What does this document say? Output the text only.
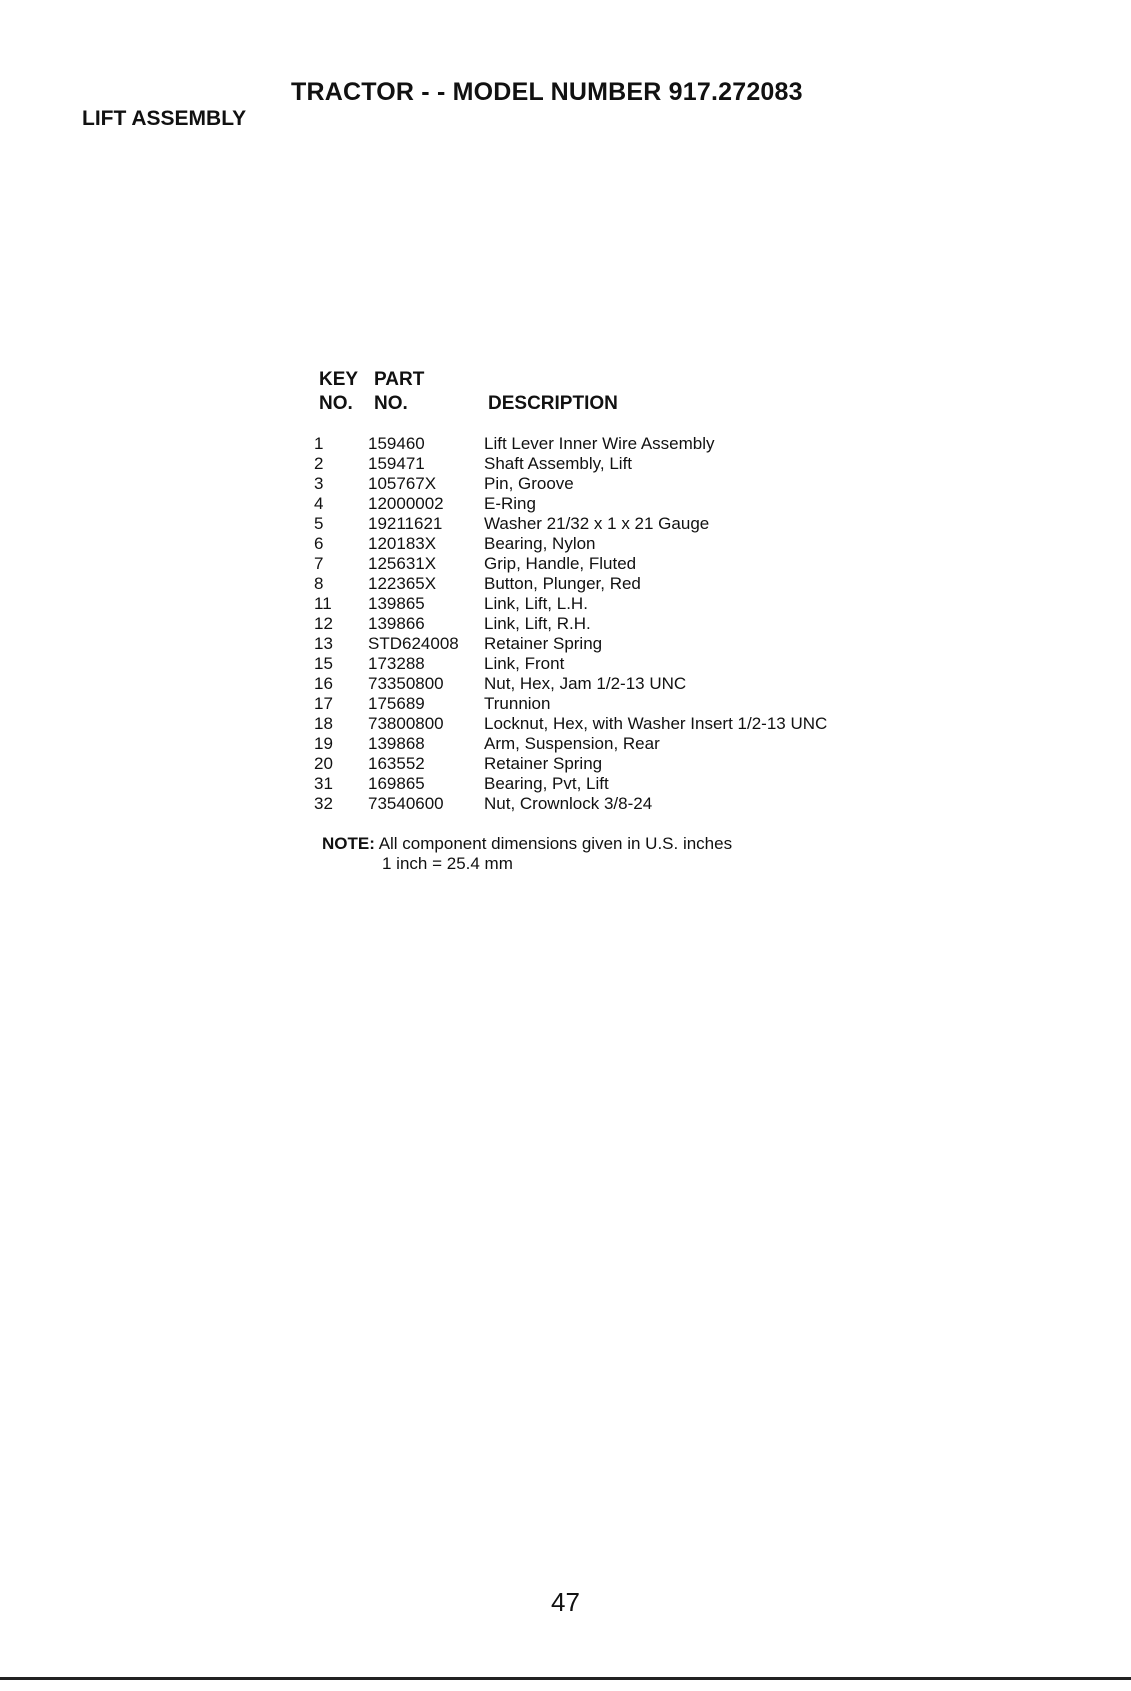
TRACTOR - - MODEL NUMBER 917.272083
LIFT ASSEMBLY
KEY
NO.
PART
NO.	DESCRIPTION
1	159460	Lift Lever Inner Wire Assembly
2	159471	Shaft Assembly, Lift
3	105767X	Pin, Groove
4	12000002 E-Ring
5	19211621 Washer 21/32 x 1 x 21 Gauge
6	120183X	Bearing, Nylon
7	125631X	Grip, Handle, Fluted
8	122365X	Button, Plunger, Red
11 139865	Link, Lift, L.H.
12 139866	Link, Lift, R.H.
13 STD624008 Retainer Spring
15 173288	Link, Front
16 73350800 Nut, Hex, Jam 1/2-13 UNC
17 175689	Trunnion
18 73800800 Locknut, Hex, with Washer Insert 1/2-13 UNC
19 139868	Arm, Suspension, Rear
20 163552	Retainer Spring
31 169865	Bearing, Pvt, Lift
32 73540600 Nut, Crownlock 3/8-24
NOTE: All component dimensions given in U.S. inches
1 inch = 25.4 mm
47
